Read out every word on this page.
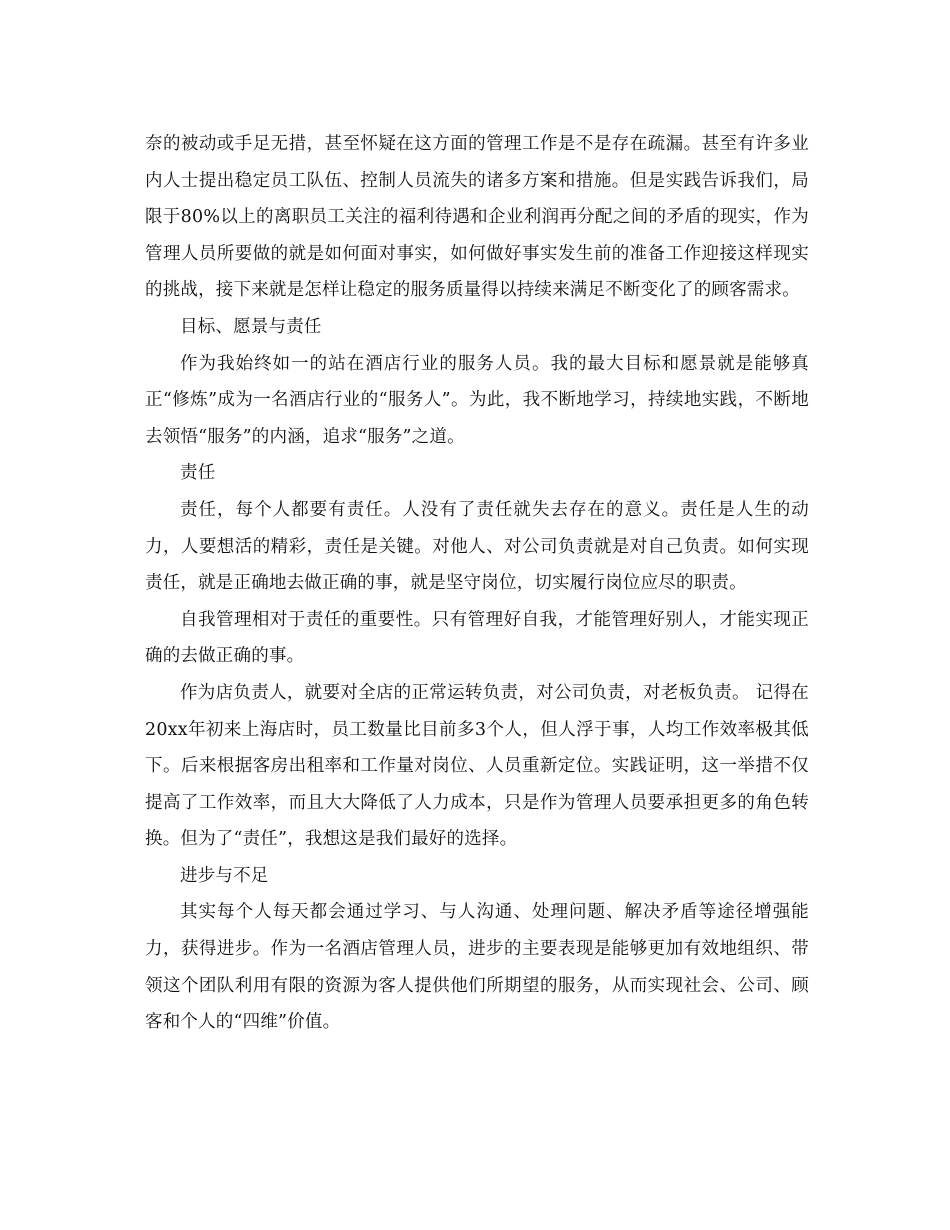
奈的被动或手足无措，甚至怀疑在这方面的管理工作是不是存在疏漏。甚至有许多业内人士提出稳定员工队伍、控制人员流失的诸多方案和措施。但是实践告诉我们，局限于80%以上的离职员工关注的福利待遇和企业利润再分配之间的矛盾的现实，作为管理人员所要做的就是如何面对事实，如何做好事实发生前的准备工作迎接这样现实的挑战，接下来就是怎样让稳定的服务质量得以持续来满足不断变化了的顾客需求。

目标、愿景与责任

作为我始终如一的站在酒店行业的服务人员。我的最大目标和愿景就是能够真正“修炼”成为一名酒店行业的“服务人”。为此，我不断地学习，持续地实践，不断地去领悟“服务”的内涵，追求“服务”之道。

责任

责任，每个人都要有责任。人没有了责任就失去存在的意义。责任是人生的动力，人要想活的精彩，责任是关键。对他人、对公司负责就是对自己负责。如何实现责任，就是正确地去做正确的事，就是坚守岗位，切实履行岗位应尽的职责。

自我管理相对于责任的重要性。只有管理好自我，才能管理好别人，才能实现正确的去做正确的事。

作为店负责人，就要对全店的正常运转负责，对公司负责，对老板负责。 记得在20xx年初来上海店时，员工数量比目前多3个人，但人浮于事，人均工作效率极其低下。后来根据客房出租率和工作量对岗位、人员重新定位。实践证明，这一举措不仅提高了工作效率，而且大大降低了人力成本，只是作为管理人员要承担更多的角色转换。但为了“责任”，我想这是我们最好的选择。

进步与不足

其实每个人每天都会通过学习、与人沟通、处理问题、解决矛盾等途径增强能力，获得进步。作为一名酒店管理人员，进步的主要表现是能够更加有效地组织、带领这个团队利用有限的资源为客人提供他们所期望的服务，从而实现社会、公司、顾客和个人的“四维”价值。
